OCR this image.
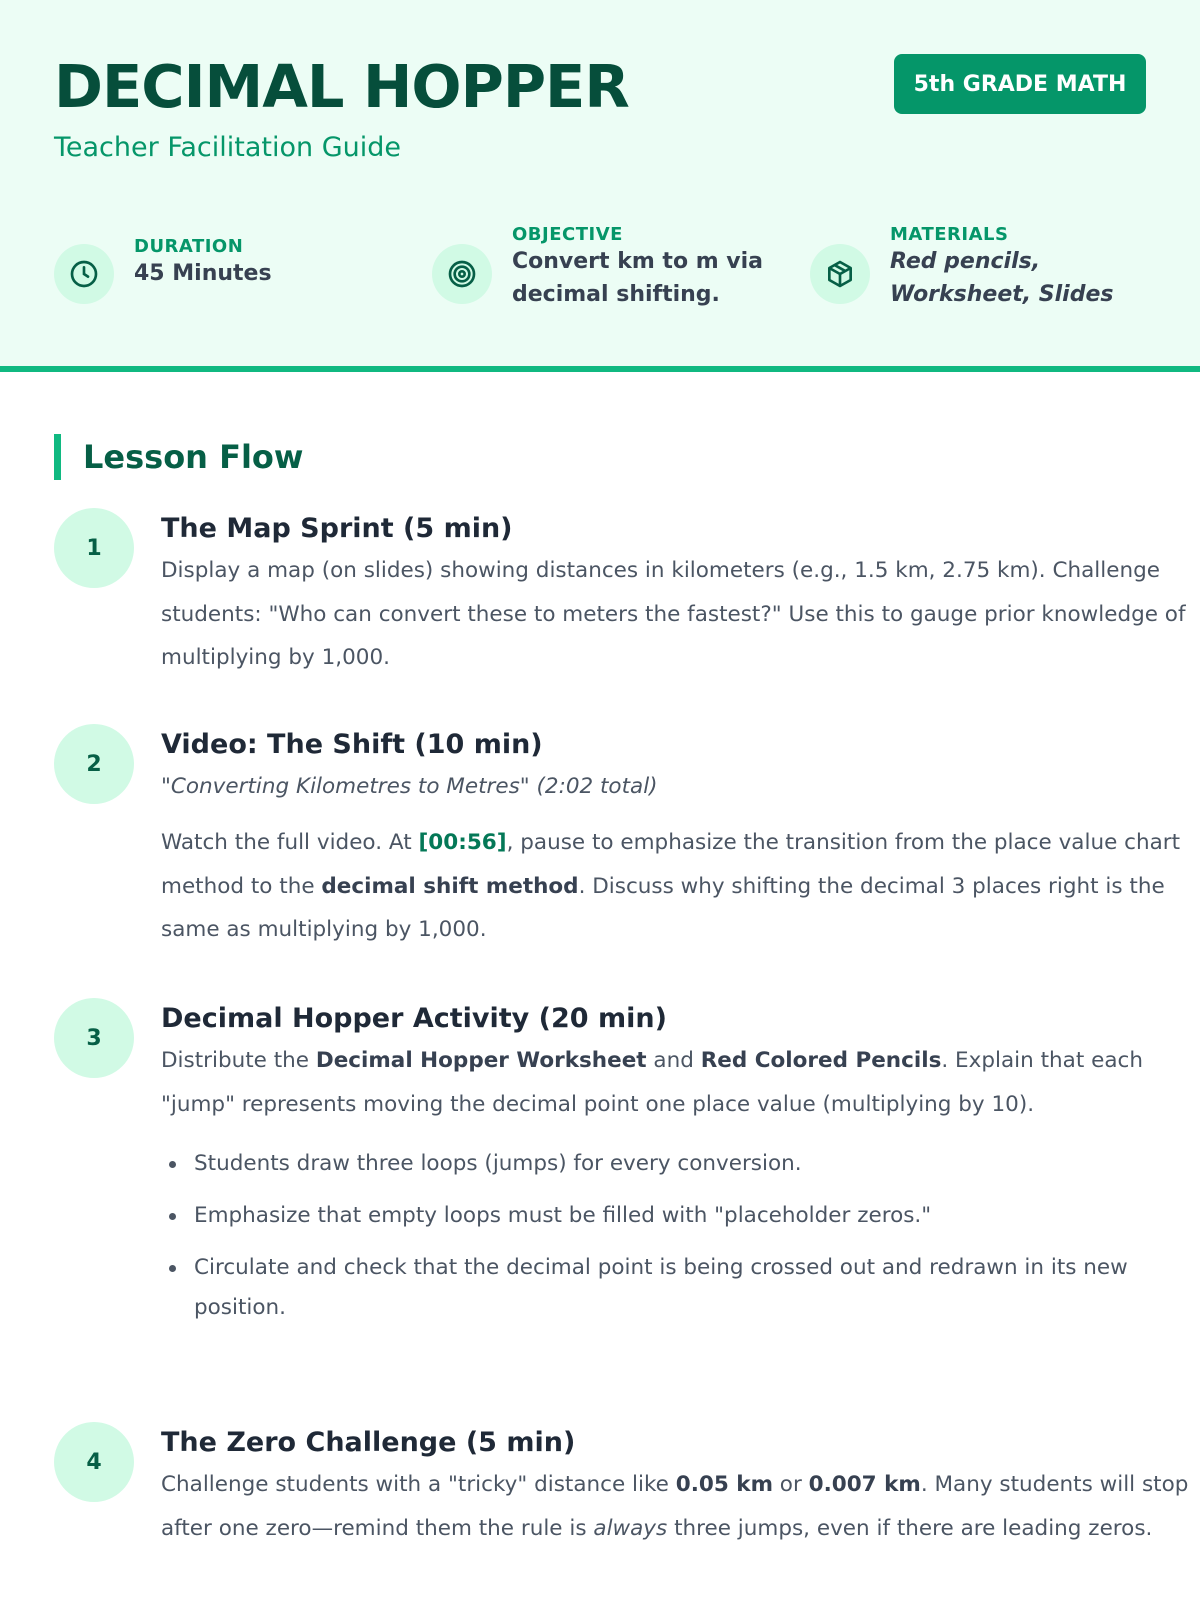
DECIMAL HOPPER
Teacher Facilitation Guide
5th GRADE MATH
DURATION
45 Minutes
OBJECTIVE
Convert km to m via
decimal shifting.
MATERIALS
Red pencils,
Worksheet, Slides
Lesson Flow
1
The Map Sprint (5 min)
Display a map (on slides) showing distances in kilometers (e.g., 1.5 km, 2.75 km). Challenge students: "Who can convert these to meters the fastest?" Use this to gauge prior knowledge of multiplying by 1,000.
2
Video: The Shift (10 min)
"Converting Kilometres to Metres" (2:02 total)
Watch the full video. At [00:56], pause to emphasize the transition from the place value chart method to the decimal shift method. Discuss why shifting the decimal 3 places right is the same as multiplying by 1,000.
3
Decimal Hopper Activity (20 min)
Distribute the Decimal Hopper Worksheet and Red Colored Pencils. Explain that each "jump" represents moving the decimal point one place value (multiplying by 10).
Students draw three loops (jumps) for every conversion.
Emphasize that empty loops must be filled with "placeholder zeros."
Circulate and check that the decimal point is being crossed out and redrawn in its new position.
4
The Zero Challenge (5 min)
Challenge students with a "tricky" distance like 0.05 km or 0.007 km. Many students will stop after one zero—remind them the rule is always three jumps, even if there are leading zeros.
